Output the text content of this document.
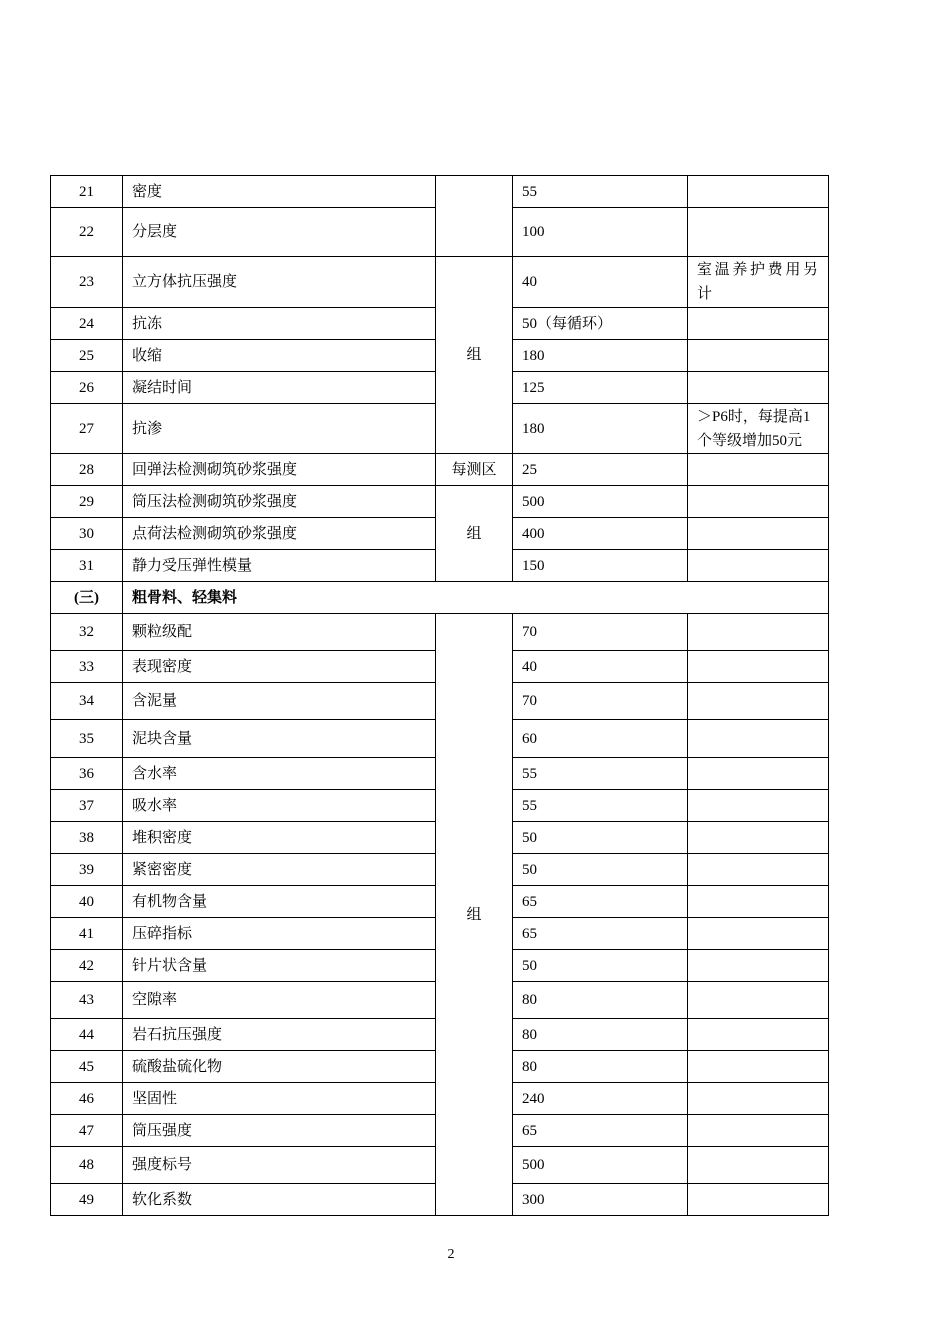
21	密度		55	
22	分层度		100	
23	立方体抗压强度	组	40	室温养护费用另计
24	抗冻		50（每循环）	
25	收缩		180	
26	凝结时间		125	
27	抗渗		180	＞P6时，每提高1个等级增加50元
28	回弹法检测砌筑砂浆强度	每测区	25	
29	筒压法检测砌筑砂浆强度	组	500	
30	点荷法检测砌筑砂浆强度		400	
31	静力受压弹性模量		150	
(三)	粗骨料、轻集料			
32	颗粒级配	组	70	
33	表现密度		40	
34	含泥量		70	
35	泥块含量		60	
36	含水率		55	
37	吸水率		55	
38	堆积密度		50	
39	紧密密度		50	
40	有机物含量		65	
41	压碎指标		65	
42	针片状含量		50	
43	空隙率		80	
44	岩石抗压强度		80	
45	硫酸盐硫化物		80	
46	坚固性		240	
47	筒压强度		65	
48	强度标号		500	
49	软化系数		300	
2
